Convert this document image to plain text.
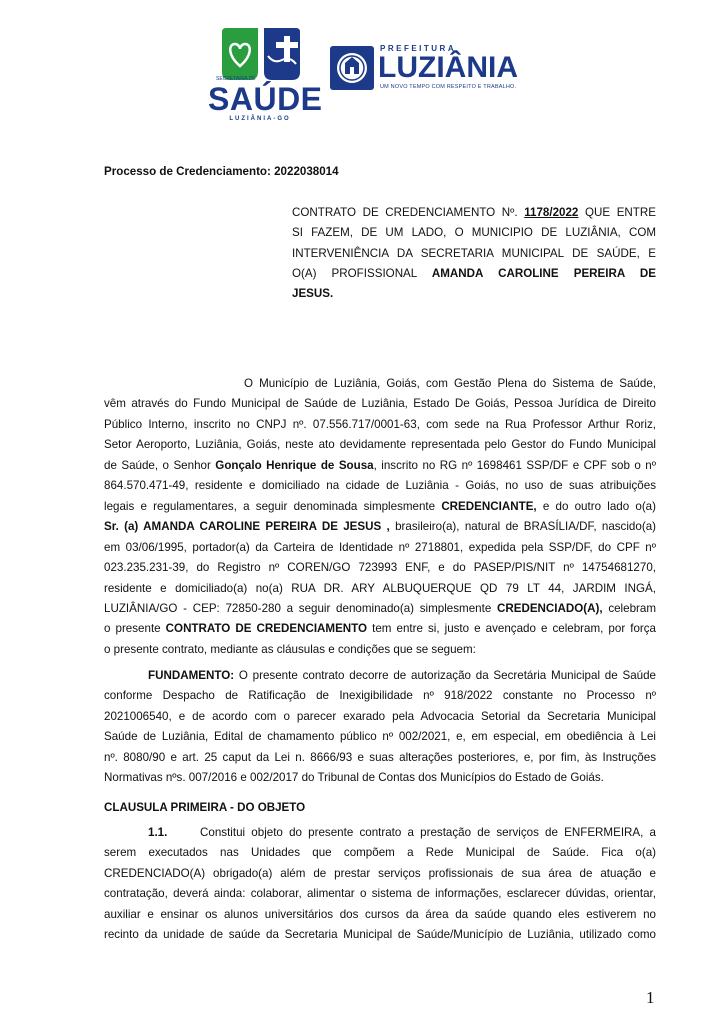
SECRETARIA DE
SAÚDE
LUZIÂNIA-GO
PREFEITURA
LUZIÂNIA
UM NOVO TEMPO COM RESPEITO E TRABALHO.
Processo de Credenciamento: 2022038014
CONTRATO DE CREDENCIAMENTO Nº. 1178/2022 QUE ENTRE
SI FAZEM, DE UM LADO, O MUNICIPIO DE LUZIÂNIA, COM
INTERVENIÊNCIA DA SECRETARIA MUNICIPAL DE SAÚDE, E
O(A) PROFISSIONAL AMANDA CAROLINE PEREIRA DE
JESUS.
O Município de Luziânia, Goiás, com Gestão Plena do Sistema de Saúde,
vêm através do Fundo Municipal de Saúde de Luziânia, Estado De Goiás, Pessoa Jurídica de Direito
Público Interno, inscrito no CNPJ nº. 07.556.717/0001-63, com sede na Rua Professor Arthur Roriz,
Setor Aeroporto, Luziânia, Goiás, neste ato devidamente representada pelo Gestor do Fundo Municipal
de Saúde, o Senhor Gonçalo Henrique de Sousa, inscrito no RG nº 1698461 SSP/DF e CPF sob o nº
864.570.471-49, residente e domiciliado na cidade de Luziânia - Goiás, no uso de suas atribuições
legais e regulamentares, a seguir denominada simplesmente CREDENCIANTE, e do outro lado o(a)
Sr. (a) AMANDA CAROLINE PEREIRA DE JESUS , brasileiro(a), natural de BRASÍLIA/DF, nascido(a)
em 03/06/1995, portador(a) da Carteira de Identidade nº 2718801, expedida pela SSP/DF, do CPF nº
023.235.231-39, do Registro nº COREN/GO 723993 ENF, e do PASEP/PIS/NIT nº 14754681270,
residente e domiciliado(a) no(a) RUA DR. ARY ALBUQUERQUE QD 79 LT 44, JARDIM INGÁ,
LUZIÂNIA/GO - CEP: 72850-280 a seguir denominado(a) simplesmente CREDENCIADO(A), celebram
o presente CONTRATO DE CREDENCIAMENTO tem entre si, justo e avençado e celebram, por força
o presente contrato, mediante as cláusulas e condições que se seguem:
FUNDAMENTO: O presente contrato decorre de autorização da Secretária Municipal de Saúde
conforme Despacho de Ratificação de Inexigibilidade nº 918/2022 constante no Processo nº
2021006540, e de acordo com o parecer exarado pela Advocacia Setorial da Secretaria Municipal
Saúde de Luziânia, Edital de chamamento público nº 002/2021, e, em especial, em obediência à Lei
nº. 8080/90 e art. 25 caput da Lei n. 8666/93 e suas alterações posteriores, e, por fim, às Instruções
Normativas nºs. 007/2016 e 002/2017 do Tribunal de Contas dos Municípios do Estado de Goiás.
CLAUSULA PRIMEIRA - DO OBJETO
1.1.	Constitui objeto do presente contrato a prestação de serviços de ENFERMEIRA, a
serem executados nas Unidades que compõem a Rede Municipal de Saúde. Fica o(a)
CREDENCIADO(A) obrigado(a) além de prestar serviços profissionais de sua área de atuação e
contratação, deverá ainda: colaborar, alimentar o sistema de informações, esclarecer dúvidas, orientar,
auxiliar e ensinar os alunos universitários dos cursos da área da saúde quando eles estiverem no
recinto da unidade de saúde da Secretaria Municipal de Saúde/Município de Luziânia, utilizado como
1
